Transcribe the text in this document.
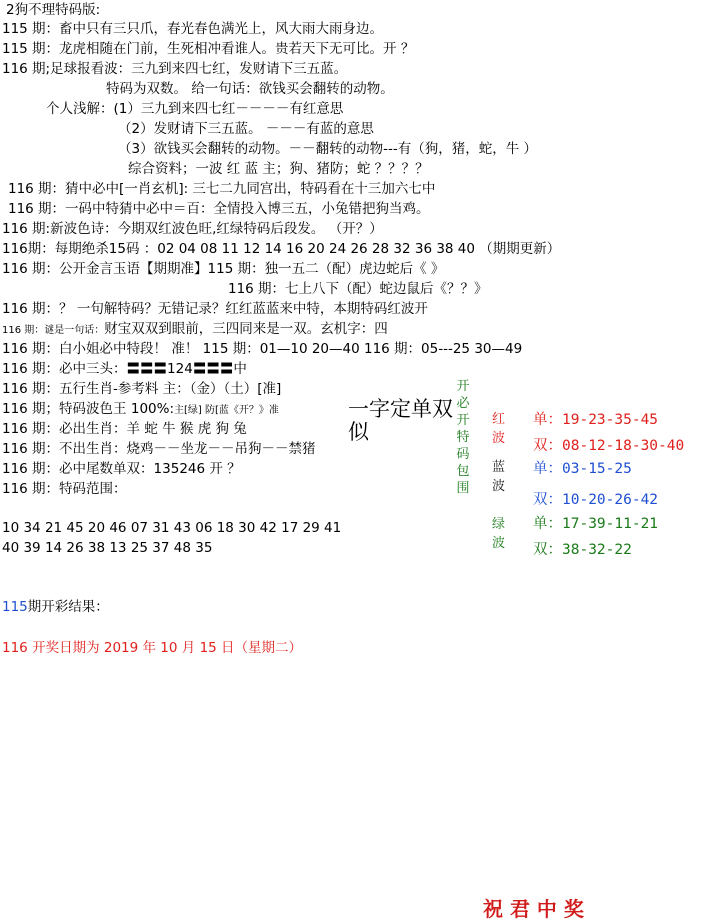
2狗不理特码版:
115 期：畜中只有三只爪，春光春色满光上，风大雨大雨身边。
115 期：龙虎相随在门前，生死相冲看谁人。贵若天下无可比。开 ？
116 期;足球报看波：三九到来四七红，发财请下三五蓝。
特码为双数。 给一句话：欲钱买会翻转的动物。
个人浅解：(1）三九到来四七红－－－－有红意思
（2）发财请下三五蓝。 －－－有蓝的意思
（3）欲钱买会翻转的动物。－－翻转的动物---有（狗，猪，蛇，牛 ）
综合资料；一波 红 蓝 主；狗、猪防；蛇 ？？？？
116 期：猜中必中[一肖玄机]: 三七二九同宫出，特码看在十三加六七中
116 期：一码中特猜中必中＝百：全情投入博三五，小兔错把狗当鸡。
116 期:新波色诗：今期双红波色旺,红绿特码后段发。 （开？）
116期：每期绝杀15码 ：02 04 08 11 12 14 16 20 24 26 28 32 36 38 40 （期期更新）
116 期：公开金言玉语【期期准】115 期：独一五二（配）虎边蛇后《 》
116 期：七上八下（配）蛇边鼠后《？？》
116 期：？ 一句解特码？无错记录？红红蓝蓝来中特，本期特码红波开
116 期：谜是一句话：财宝双双到眼前，三四同来是一双。玄机字：四
116 期：白小姐必中特段！ 准！ 115 期：01—10 20—40 116 期：05---25 30—49
116 期：必中三头：〓〓〓124〓〓〓中
116 期：五行生肖-参考料 主：（金）（土）[准]
116 期；特码波色王 100%:主[绿] 防[蓝《开？》准
116 期：必出生肖：羊 蛇 牛 猴 虎 狗 兔
116 期：不出生肖：烧鸡－－坐龙－－吊狗－－禁猪
116 期：必中尾数单双：135246 开 ？
116 期：特码范围：
10 34 21 45 20 46 07 31 43 06 18 30 42 17 29 41
40 39 14 26 38 13 25 37 48 35
一字定单双似
开必开特码包围
红波
蓝波
绿波
单：19-23-35-45
双：08-12-18-30-40
单：03-15-25
双：10-20-26-42
单：17-39-11-21
双：38-32-22
115期开彩结果：
116 开奖日期为 2019 年 10 月 15 日（星期二）
祝 君 中 奖
